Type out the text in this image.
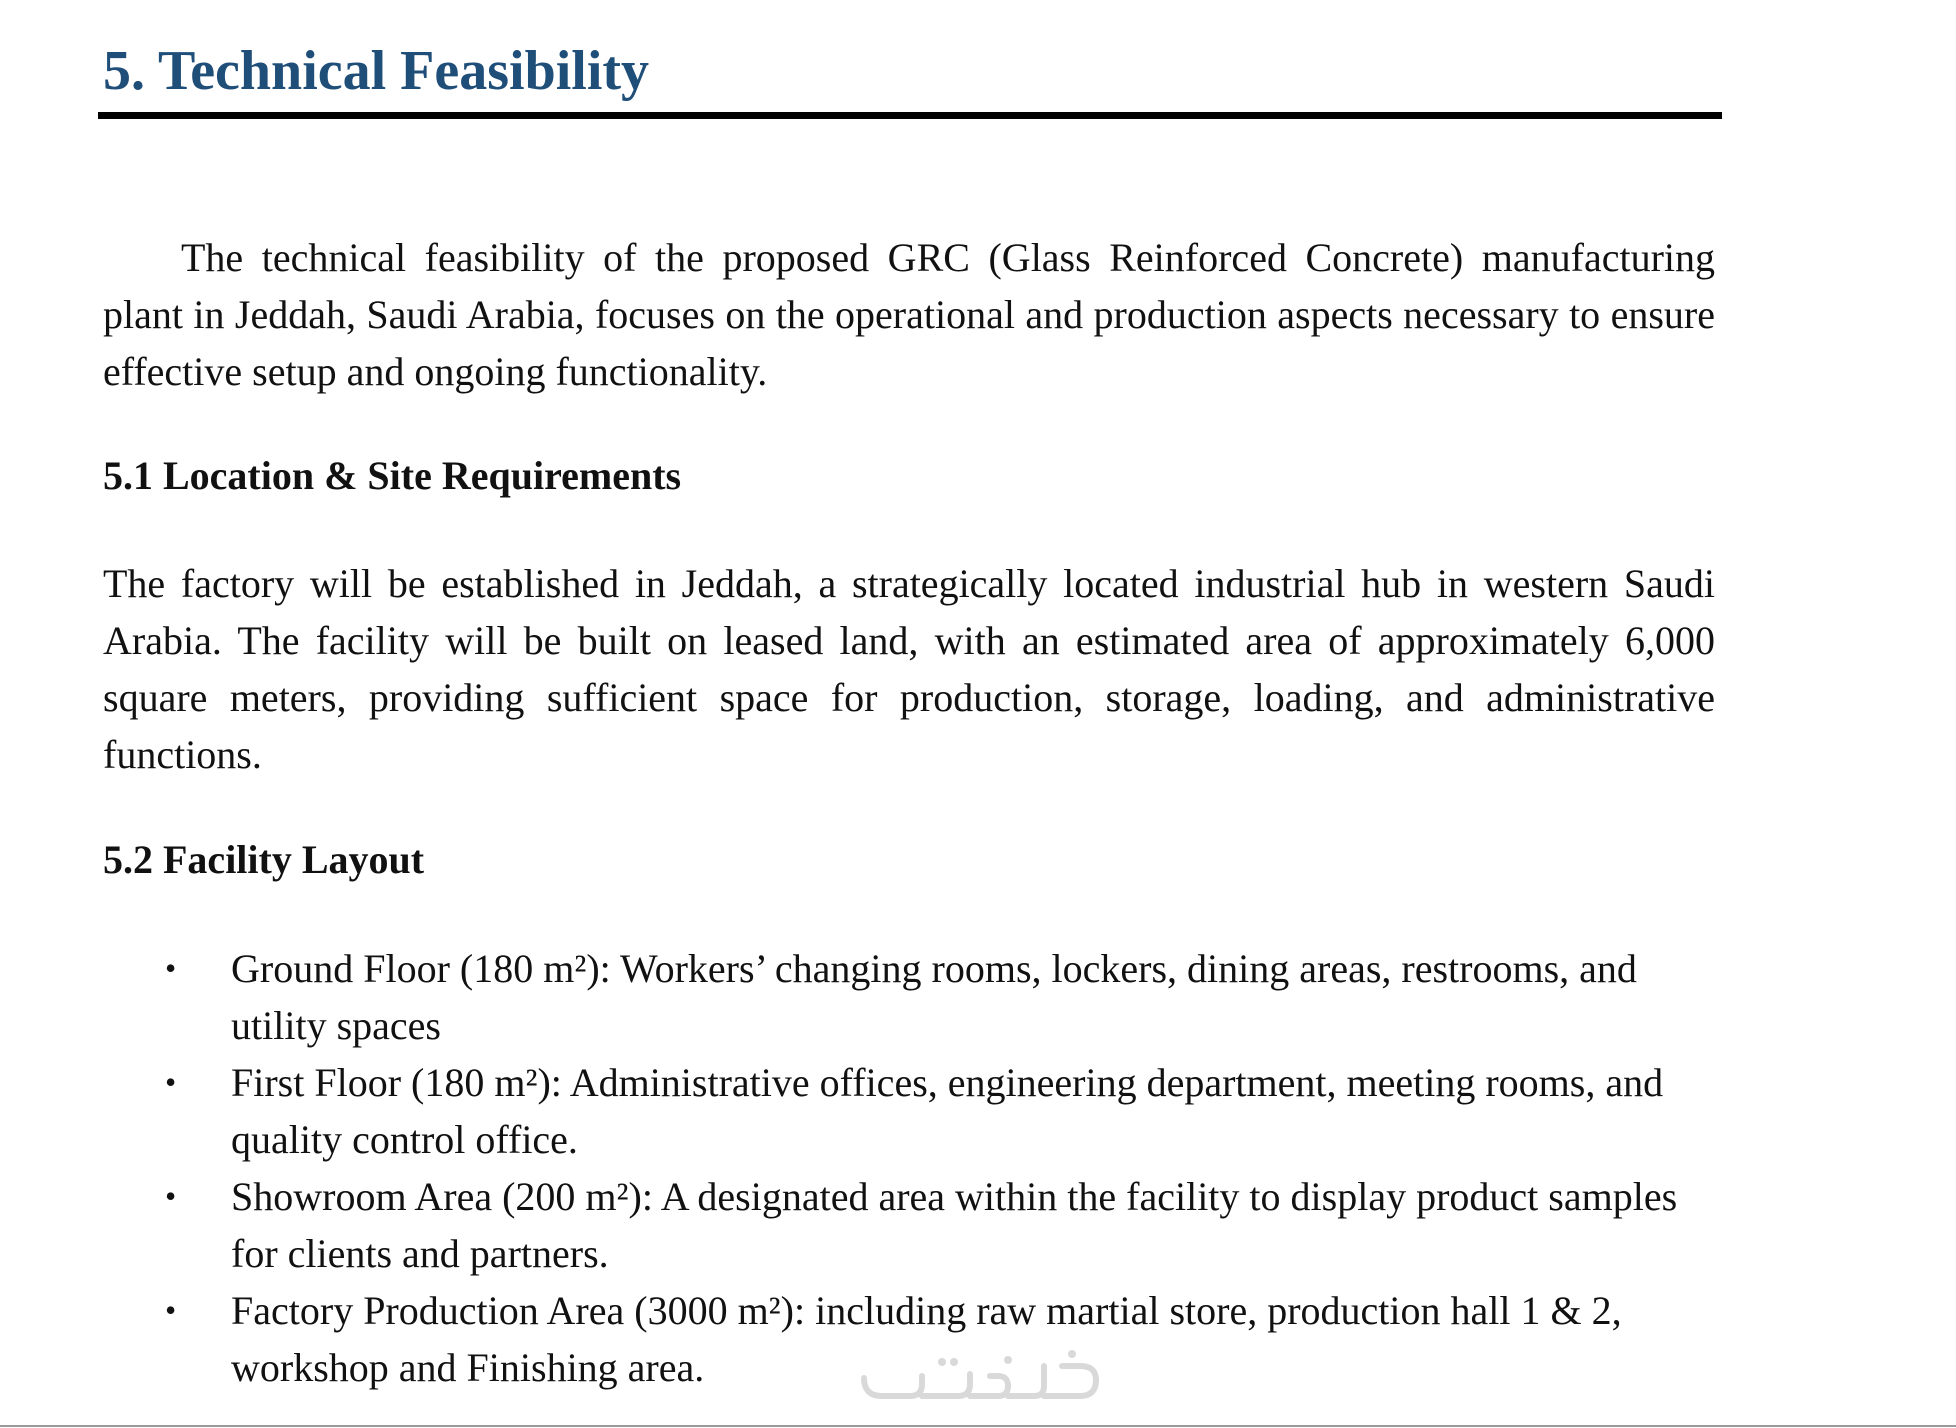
5. Technical Feasibility

The technical feasibility of the proposed GRC (Glass Reinforced Concrete) manufacturing plant in Jeddah, Saudi Arabia, focuses on the operational and production aspects necessary to ensure effective setup and ongoing functionality.

5.1 Location & Site Requirements

The factory will be established in Jeddah, a strategically located industrial hub in western Saudi Arabia. The facility will be built on leased land, with an estimated area of approximately 6,000 square meters, providing sufficient space for production, storage, loading, and administrative functions.

5.2 Facility Layout
• Ground Floor (180 m²): Workers’ changing rooms, lockers, dining areas, restrooms, and utility spaces
• First Floor (180 m²): Administrative offices, engineering department, meeting rooms, and quality control office.
• Showroom Area (200 m²): A designated area within the facility to display product samples for clients and partners.
• Factory Production Area (3000 m²): including raw martial store, production hall 1 & 2, workshop and Finishing area.
